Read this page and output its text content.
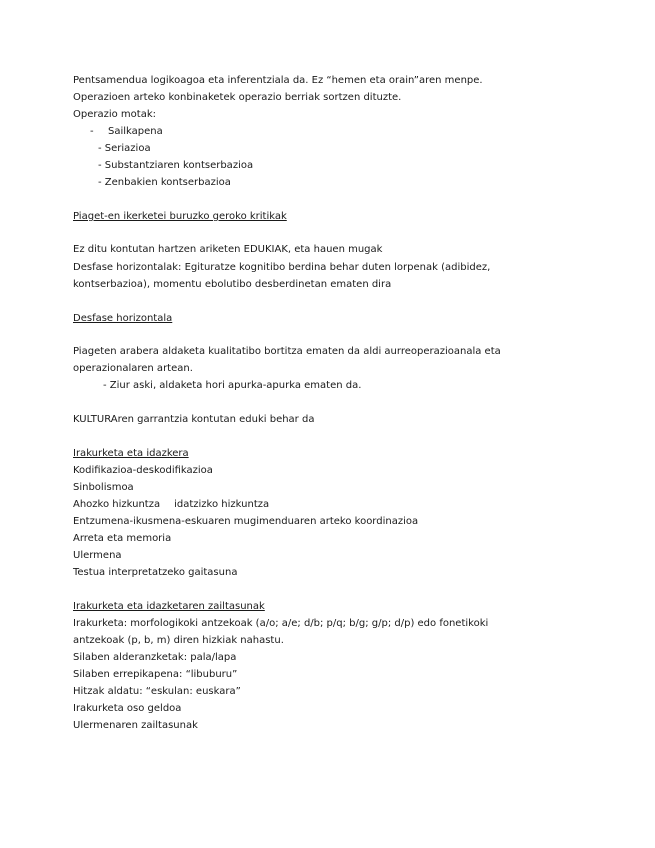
Pentsamendua logikoagoa eta inferentziala da. Ez “hemen eta orain”aren menpe.
Operazioen arteko konbinaketek operazio berriak sortzen dituzte.
Operazio motak:
- Sailkapena
- Seriazioa
- Substantziaren kontserbazioa
- Zenbakien kontserbazioa
Piaget-en ikerketei buruzko geroko kritikak
Ez ditu kontutan hartzen ariketen EDUKIAK, eta hauen mugak
Desfase horizontalak: Egituratze kognitibo berdina behar duten lorpenak (adibidez,
kontserbazioa), momentu ebolutibo desberdinetan ematen dira
Desfase horizontala
Piageten arabera aldaketa kualitatibo bortitza ematen da aldi aurreoperazioanala eta
operazionalaren artean.
- Ziur aski, aldaketa hori apurka-apurka ematen da.
KULTURAren garrantzia kontutan eduki behar da
Irakurketa eta idazkera
Kodifikazioa-deskodifikazioa
Sinbolismoa
Ahozko hizkuntza idatzizko hizkuntza
Entzumena-ikusmena-eskuaren mugimenduaren arteko koordinazioa
Arreta eta memoria
Ulermena
Testua interpretatzeko gaitasuna
Irakurketa eta idazketaren zailtasunak
Irakurketa: morfologikoki antzekoak (a/o; a/e; d/b; p/q; b/g; g/p; d/p) edo fonetikoki
antzekoak (p, b, m) diren hizkiak nahastu.
Silaben alderanzketak: pala/lapa
Silaben errepikapena: “libuburu”
Hitzak aldatu: “eskulan: euskara”
Irakurketa oso geldoa
Ulermenaren zailtasunak
